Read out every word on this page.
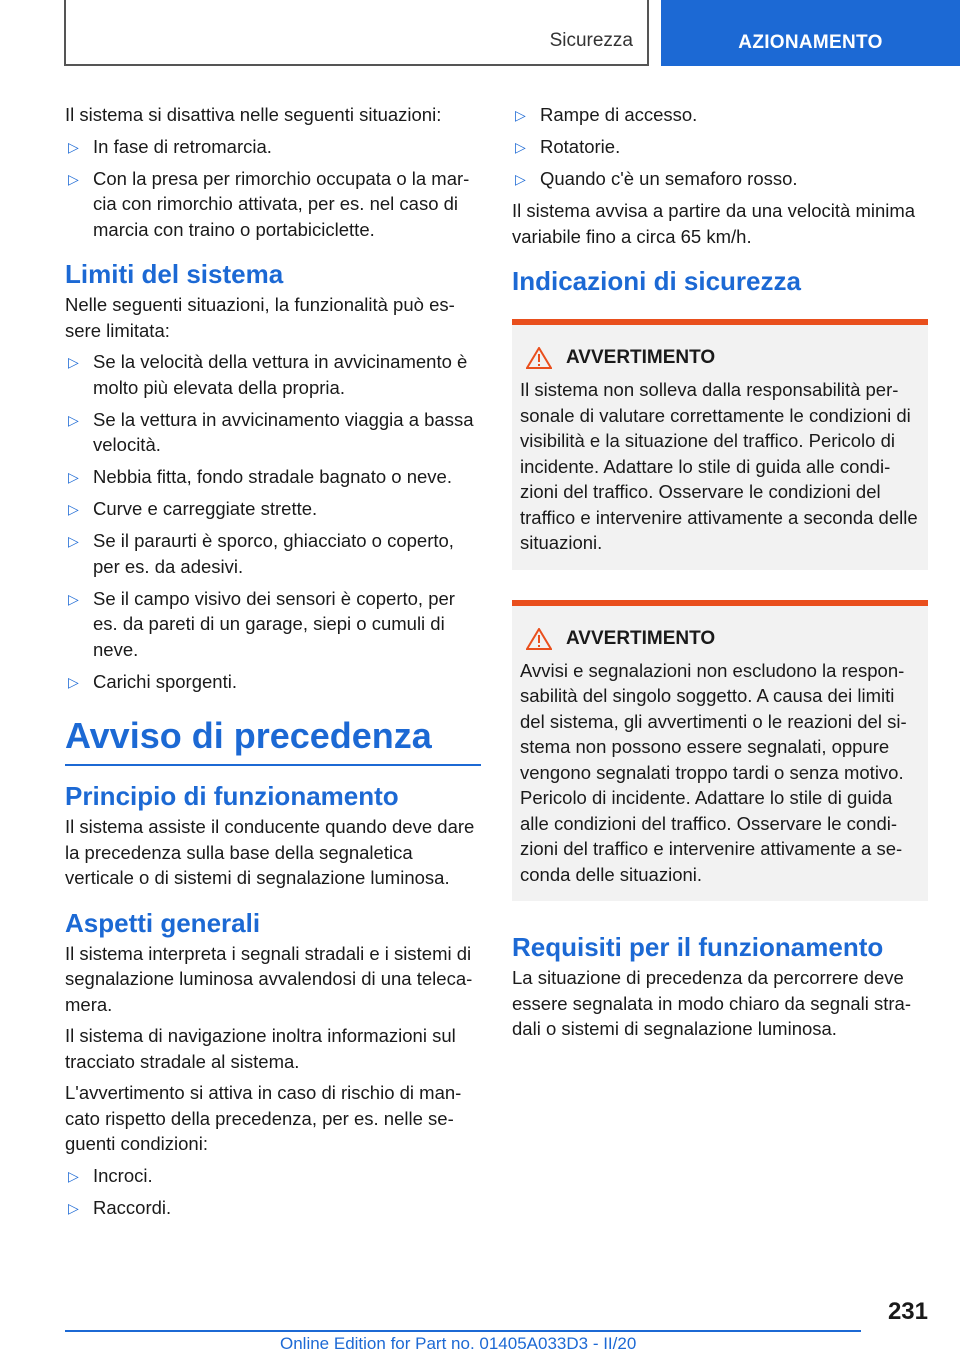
Sicurezza	AZIONAMENTO

Il sistema si disattiva nelle seguenti situazioni:

▷ In fase di retromarcia.
▷ Con la presa per rimorchio occupata o la mar-cia con rimorchio attivata, per es. nel caso di marcia con traino o portabiciclette.
Limiti del sistema

Nelle seguenti situazioni, la funzionalità può es-sere limitata:

▷ Se la velocità della vettura in avvicinamento è molto più elevata della propria.
▷ Se la vettura in avvicinamento viaggia a bassa velocità.
▷ Nebbia fitta, fondo stradale bagnato o neve.
▷ Curve e carreggiate strette.
▷ Se il paraurti è sporco, ghiacciato o coperto, per es. da adesivi.
▷ Se il campo visivo dei sensori è coperto, per es. da pareti di un garage, siepi o cumuli di neve.
▷ Carichi sporgenti.
Avviso di precedenza
Principio di funzionamento

Il sistema assiste il conducente quando deve dare la precedenza sulla base della segnaletica verticale o di sistemi di segnalazione luminosa.

Aspetti generali

Il sistema interpreta i segnali stradali e i sistemi di segnalazione luminosa avvalendosi di una teleca-mera.

Il sistema di navigazione inoltra informazioni sul tracciato stradale al sistema.

L'avvertimento si attiva in caso di rischio di man-cato rispetto della precedenza, per es. nelle se-guenti condizioni:

▷ Incroci.
▷ Raccordi.
▷ Rampe di accesso.
▷ Rotatorie.
▷ Quando c'è un semaforo rosso.

Il sistema avvisa a partire da una velocità minima variabile fino a circa 65 km/h.

Indicazioni di sicurezza
AVVERTIMENTO

Il sistema non solleva dalla responsabilità per-sonale di valutare correttamente le condizioni di visibilità e la situazione del traffico. Pericolo di incidente. Adattare lo stile di guida alle condi-zioni del traffico. Osservare le condizioni del traffico e intervenire attivamente a seconda delle situazioni.

AVVERTIMENTO

Avvisi e segnalazioni non escludono la respon-sabilità del singolo soggetto. A causa dei limiti del sistema, gli avvertimenti o le reazioni del si-stema non possono essere segnalati, oppure vengono segnalati troppo tardi o senza motivo. Pericolo di incidente. Adattare lo stile di guida alle condizioni del traffico. Osservare le condi-zioni del traffico e intervenire attivamente a se-conda delle situazioni.

Requisiti per il funzionamento

La situazione di precedenza da percorrere deve essere segnalata in modo chiaro da segnali stra-dali o sistemi di segnalazione luminosa.

231
Online Edition for Part no. 01405A033D3 - II/20
